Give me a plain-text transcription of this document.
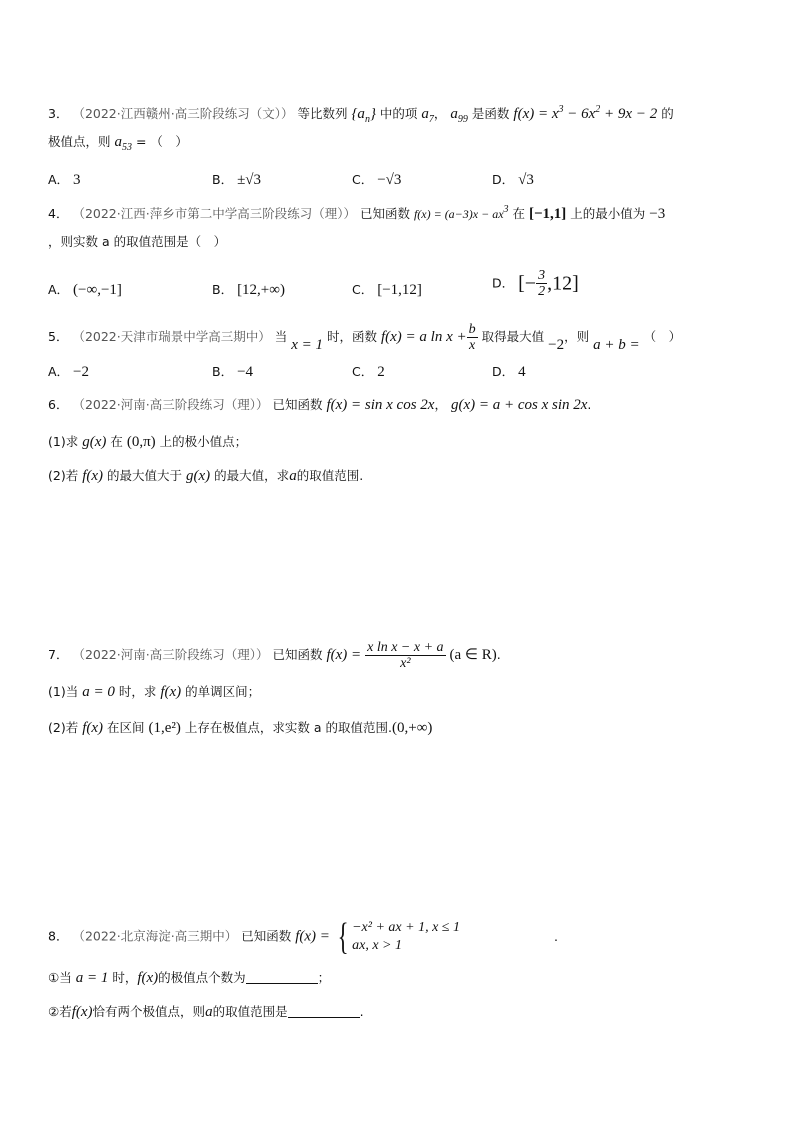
3． （2022·江西赣州·高三阶段练习（文）） 等比数列 $\{a_n\}$ 中的项 $a_7$， $a_{99}$ 是函数 $f(x) = x^3 - 6x^2 + 9x - 2$ 的
极值点，则 $a_{53}$ = （　）
A． 3	B． ±√3	C． −√3	D． √3
4． （2022·江西·萍乡市第二中学高三阶段练习（理）） 已知函数 $f(x) = (a-3)x - ax^3$ 在 [−1,1] 上的最小值为 −3
，则实数 a 的取值范围是（　）
A． (−∞,−1]	B． [12,+∞)	C． [−1,12]	D． [− $\frac{3}{2} ,12$]
5． （2022·天津市瑞景中学高三期中） 当 x = 1 时，函数 f(x) = a $\ln x + \frac{b}{x}$ 取得最大值 −2，则 a + b = （　）
A． −2	B． −4	C． 2	D． 4
6． （2022·河南·高三阶段练习（理）） 已知函数 f(x) = sin x cos 2x， g(x) = a + cos x sin 2x.
(1)求 g(x) 在 (0,π) 上的极小值点；
(2)若 f(x) 的最大值大于 g(x) 的最大值，求a的取值范围.
7． （2022·河南·高三阶段练习（理）） 已知函数 $f(x) = \frac{\text{x ln x − x + a}}{\text{x²}} (a$ ∈ R).
(1)当 a = 0 时，求 f(x) 的单调区间；
(2)若 f(x) 在区间 (1,e²) 上存在极值点，求实数 a 的取值范围.(0,+∞)
8． （2022·北京海淀·高三期中） 已知函数 f(x) = { −x² + ax + 1, x ≤ 1
ax, x > 1
.
①当 a = 1 时，f(x)的极值点个数为	；
②若f(x)恰有两个极值点，则a的取值范围是	.
